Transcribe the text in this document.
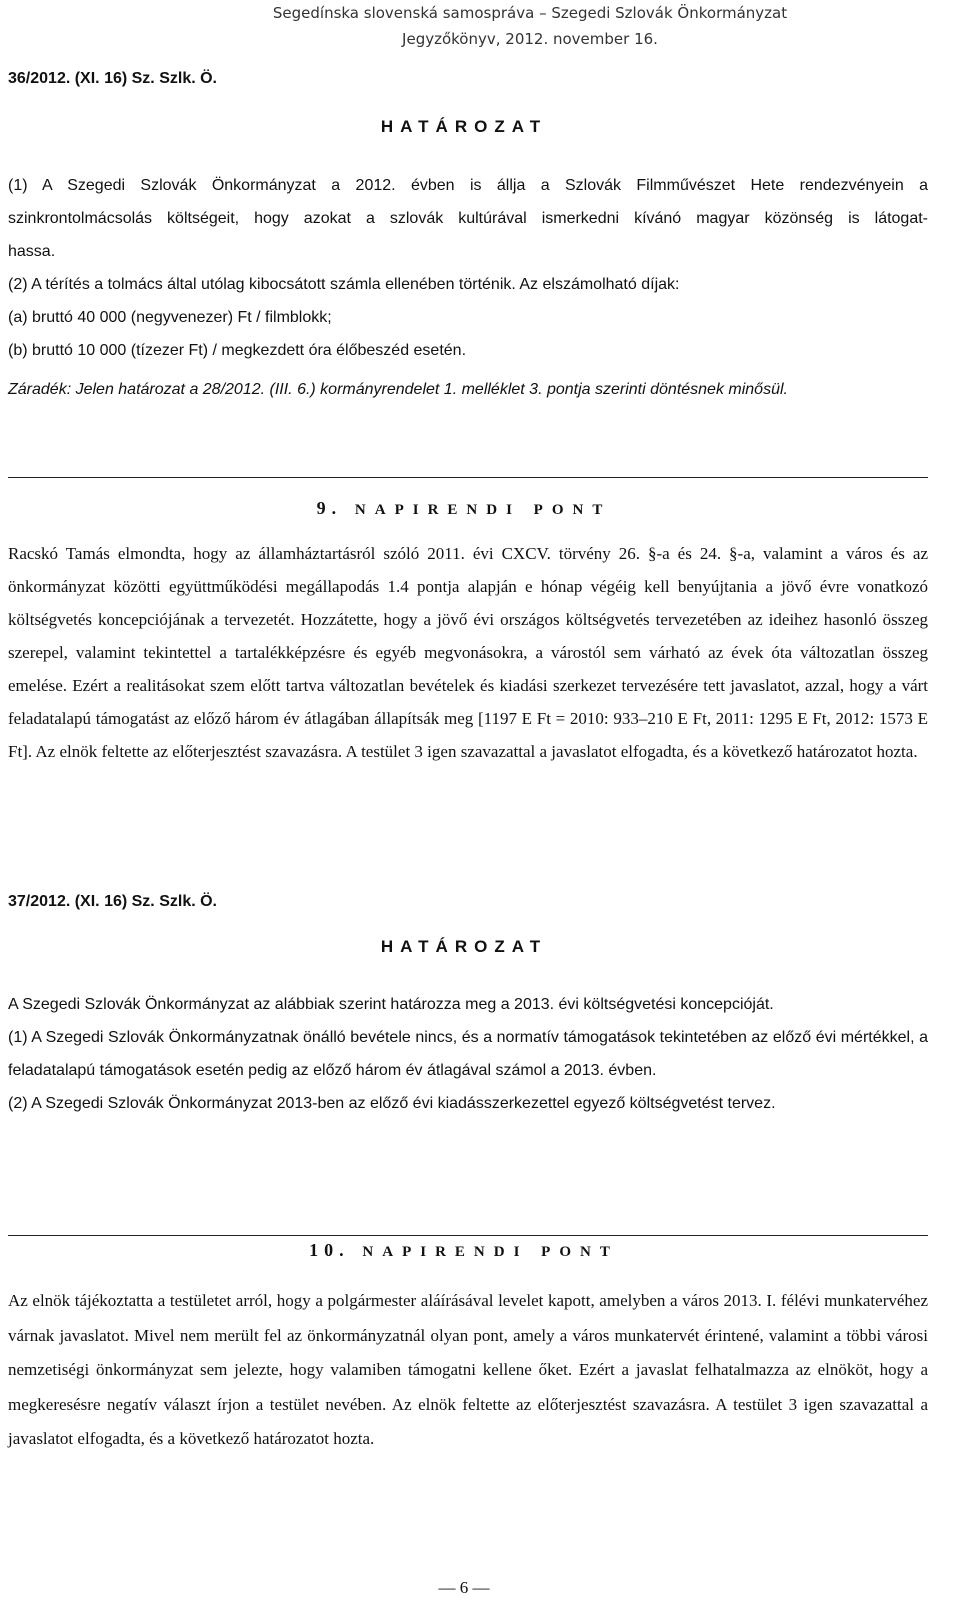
Segedínska slovenská samospráva – Szegedi Szlovák Önkormányzat
Jegyzőkönyv, 2012. november 16.
36/2012. (XI. 16) Sz. Szlk. Ö.
HATÁROZAT
(1) A Szegedi Szlovák Önkormányzat a 2012. évben is állja a Szlovák Filmművészet Hete rendezvényein a
szinkrontolmácsolás költségeit, hogy azokat a szlovák kultúrával ismerkedni kívánó magyar közönség is látogat-
hassa.
(2) A térítés a tolmács által utólag kibocsátott számla ellenében történik. Az elszámolható díjak:
(a) bruttó 40 000 (negyvenezer) Ft / filmblokk;
(b) bruttó 10 000 (tízezer Ft) / megkezdett óra élőbeszéd esetén.
Záradék: Jelen határozat a 28/2012. (III. 6.) kormányrendelet 1. melléklet 3. pontja szerinti döntésnek minősül.
9. NAPIRENDI PONT

Racskó Tamás elmondta, hogy az államháztartásról szóló 2011. évi CXCV. törvény 26. §-a és 24. §-a, valamint a város és az önkormányzat közötti együttműködési megállapodás 1.4 pontja alapján e hónap végéig kell benyújtania a jövő évre vonatkozó költségvetés koncepciójának a tervezetét. Hozzátette, hogy a jövő évi országos költségvetés tervezetében az ideihez hasonló összeg szerepel, valamint tekintettel a tartalékképzésre és egyéb megvonásokra, a várostól sem várható az évek óta változatlan összeg emelése. Ezért a realitásokat szem előtt tartva változatlan bevételek és kiadási szerkezet tervezésére tett javaslatot, azzal, hogy a várt feladatalapú támogatást az előző három év átlagában állapítsák meg [1197 E Ft = 2010: 933–210 E Ft, 2011: 1295 E Ft, 2012: 1573 E Ft]. Az elnök feltette az előterjesztést szavazásra. A testület 3 igen szavazattal a javaslatot elfogadta, és a következő határozatot hozta.

37/2012. (XI. 16) Sz. Szlk. Ö.
HATÁROZAT

A Szegedi Szlovák Önkormányzat az alábbiak szerint határozza meg a 2013. évi költségvetési koncepcióját.

(1) A Szegedi Szlovák Önkormányzatnak önálló bevétele nincs, és a normatív támogatások tekintetében az előző évi mértékkel, a feladatalapú támogatások esetén pedig az előző három év átlagával számol a 2013. évben.

(2) A Szegedi Szlovák Önkormányzat 2013-ben az előző évi kiadásszerkezettel egyező költségvetést tervez.

10. NAPIRENDI PONT

Az elnök tájékoztatta a testületet arról, hogy a polgármester aláírásával levelet kapott, amelyben a város 2013. I. félévi munkatervéhez várnak javaslatot. Mivel nem merült fel az önkormányzatnál olyan pont, amely a város munkatervét érintené, valamint a többi városi nemzetiségi önkormányzat sem jelezte, hogy valamiben támogatni kellene őket. Ezért a javaslat felhatalmazza az elnököt, hogy a megkeresésre negatív választ írjon a testület nevében. Az elnök feltette az előterjesztést szavazásra. A testület 3 igen szavazattal a javaslatot elfogadta, és a következő határozatot hozta.

— 6 —
